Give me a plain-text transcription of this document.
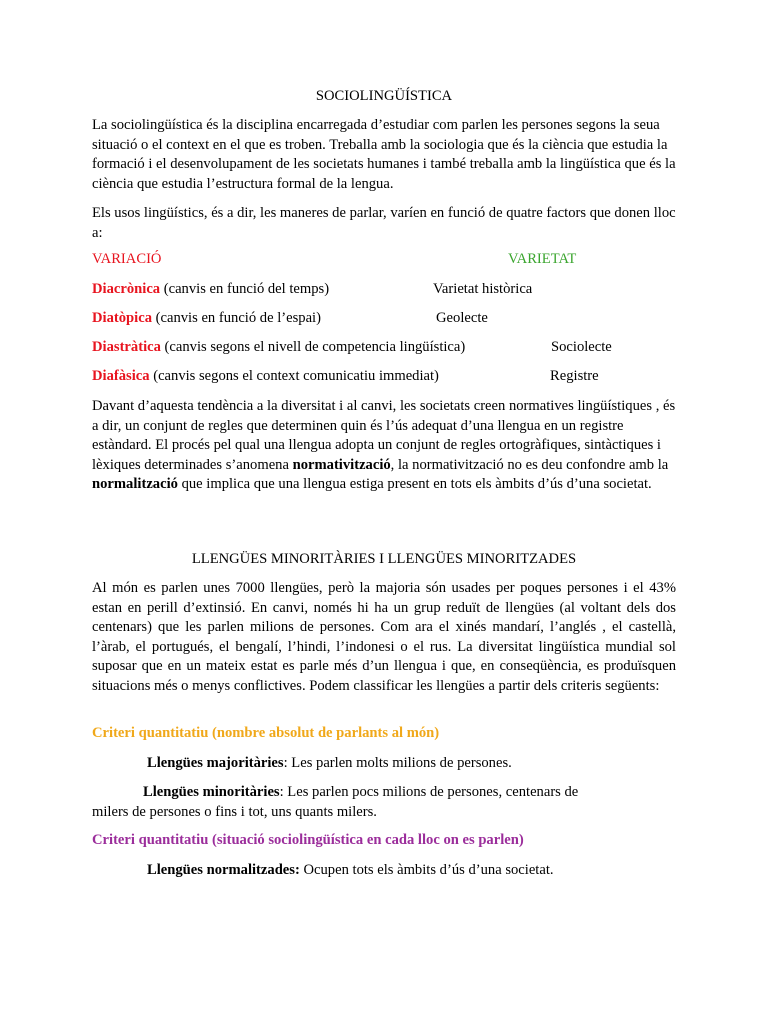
SOCIOLINGÜÍSTICA

La sociolingüística és la disciplina encarregada d’estudiar com parlen les persones segons la seua situació o el context en el que es troben. Treballa amb la sociologia que és la ciència que estudia la formació i el desenvolupament de les societats humanes i també treballa amb la lingüística que és la ciència que estudia l’estructura formal de la lengua.

Els usos lingüístics, és a dir, les maneres de parlar, varíen en funció de quatre factors que donen lloc a:

VARIACIÓ	VARIETAT
Diacrònica (canvis en funció del temps)	Varietat històrica
Diatòpica (canvis en funció de l’espai)	Geolecte
Diastràtica (canvis segons el nivell de competencia lingüística)	Sociolecte
Diafàsica (canvis segons el context comunicatiu immediat)	Registre

Davant d’aquesta tendència a la diversitat i al canvi, les societats creen normatives lingüístiques , és a dir, un conjunt de regles que determinen quin és l’ús adequat d’una llengua en un registre estàndard. El procés pel qual una llengua adopta un conjunt de regles ortogràfiques, sintàctiques i lèxiques determinades s’anomena normativització, la normativització no es deu confondre amb la normalització que implica que una llengua estiga present en tots els àmbits d’ús d’una societat.

LLENGÜES MINORITÀRIES I LLENGÜES MINORITZADES

Al món es parlen unes 7000 llengües, però la majoria són usades per poques persones i el 43% estan en perill d’extinsió. En canvi, només hi ha un grup reduït de llengües (al voltant dels dos centenars) que les parlen milions de persones. Com ara el xinés mandarí, l’anglés , el castellà, l’àrab, el portugués, el bengalí, l’hindi, l’indonesi o el rus. La diversitat lingüística mundial sol suposar que en un mateix estat es parle més d’un llengua i que, en conseqüència, es produïsquen situacions més o menys conflictives. Podem classificar les llengües a partir dels criteris següents:

Criteri quantitatiu (nombre absolut de parlants al món)

Llengües majoritàries: Les parlen molts milions de persones.

Llengües minoritàries: Les parlen pocs milions de persones, centenars de milers de persones o fins i tot, uns quants milers.

Criteri quantitatiu (situació sociolingüística en cada lloc on es parlen)

Llengües normalitzades: Ocupen tots els àmbits d’ús d’una societat.
